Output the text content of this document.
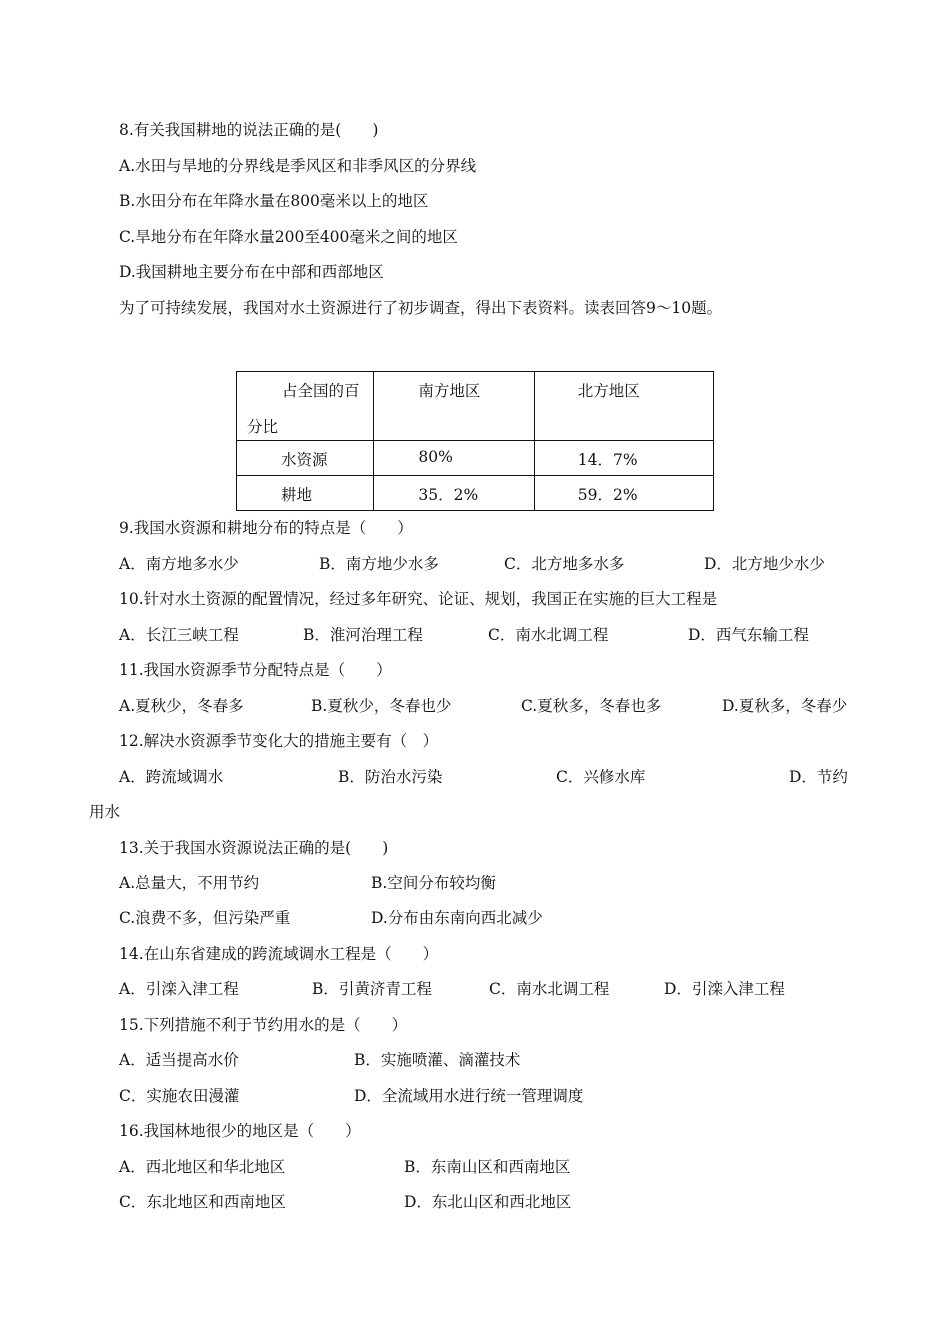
8.有关我国耕地的说法正确的是(　　)
A.水田与旱地的分界线是季风区和非季风区的分界线
B.水田分布在年降水量在800毫米以上的地区
C.旱地分布在年降水量200至400毫米之间的地区
D.我国耕地主要分布在中部和西部地区
为了可持续发展，我国对水土资源进行了初步调查，得出下表资料。读表回答9～10题。
占全国的百
分比	南方地区	北方地区

水资源	80%	14．7%

耕地	35．2%	59．2%
9.我国水资源和耕地分布的特点是（　　）
A．南方地多水少	B．南方地少水多	C．北方地多水多	D．北方地少水少
10.针对水土资源的配置情况，经过多年研究、论证、规划，我国正在实施的巨大工程是
A．长江三峡工程	B．淮河治理工程	C．南水北调工程	D．西气东输工程
11.我国水资源季节分配特点是（　　）
A.夏秋少，冬春多	B.夏秋少，冬春也少	C.夏秋多，冬春也多	D.夏秋多，冬春少
12.解决水资源季节变化大的措施主要有（　）
A．跨流域调水	B．防治水污染	C．兴修水库	D．节约
用水
13.关于我国水资源说法正确的是(　　)
A.总量大，不用节约	B.空间分布较均衡
C.浪费不多，但污染严重	D.分布由东南向西北减少
14.在山东省建成的跨流域调水工程是（　　）
A．引滦入津工程	B．引黄济青工程	C．南水北调工程	D．引滦入津工程
15.下列措施不利于节约用水的是（　　）
A．适当提高水价	B．实施喷灌、滴灌技术
C．实施农田漫灌	D．全流域用水进行统一管理调度
16.我国林地很少的地区是（　　）
A．西北地区和华北地区	B．东南山区和西南地区
C．东北地区和西南地区	D．东北山区和西北地区
